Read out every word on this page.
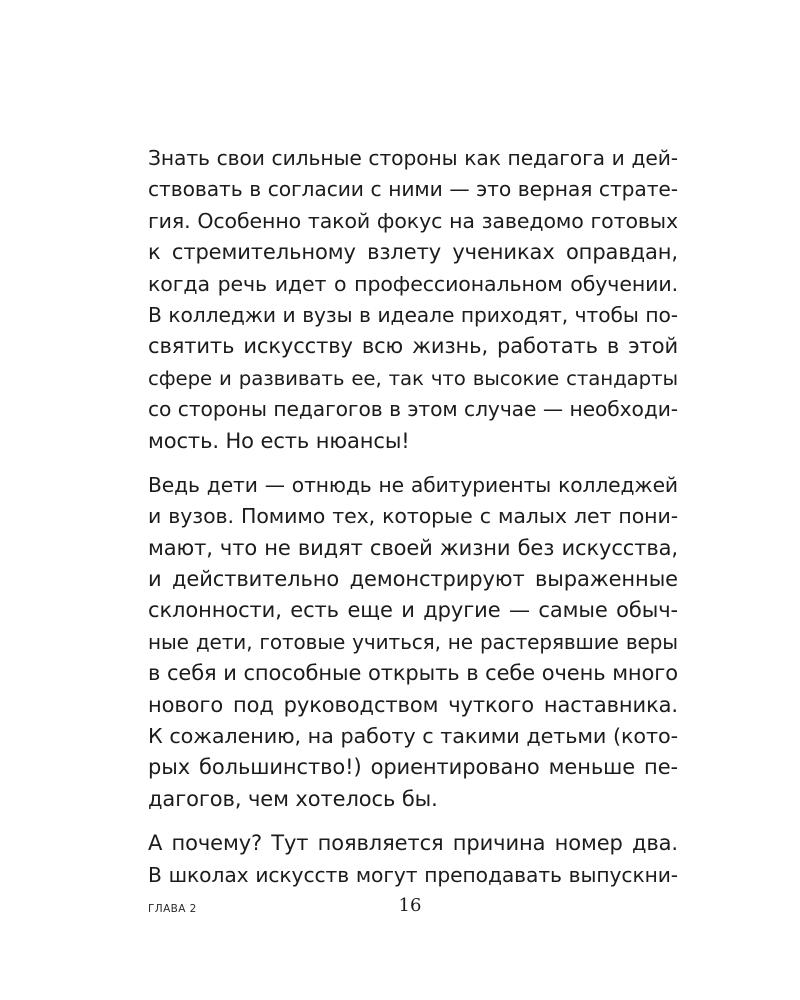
Знать свои сильные стороны как педагога и дей-
ствовать в согласии с ними — это верная страте-
гия. Особенно такой фокус на заведомо готовых
к стремительному взлету учениках оправдан,
когда речь идет о профессиональном обучении.
В колледжи и вузы в идеале приходят, чтобы по-
святить искусству всю жизнь, работать в этой
сфере и развивать ее, так что высокие стандарты
со стороны педагогов в этом случае — необходи-
мость. Но есть нюансы!

Ведь дети — отнюдь не абитуриенты колледжей
и вузов. Помимо тех, которые с малых лет пони-
мают, что не видят своей жизни без искусства,
и действительно демонстрируют выраженные
склонности, есть еще и другие — самые обыч-
ные дети, готовые учиться, не растерявшие веры
в себя и способные открыть в себе очень много
нового под руководством чуткого наставника.
К сожалению, на работу с такими детьми (кото-
рых большинство!) ориентировано меньше пе-
дагогов, чем хотелось бы.

А почему? Тут появляется причина номер два.
В школах искусств могут преподавать выпускни-

ГЛАВА 2	16
